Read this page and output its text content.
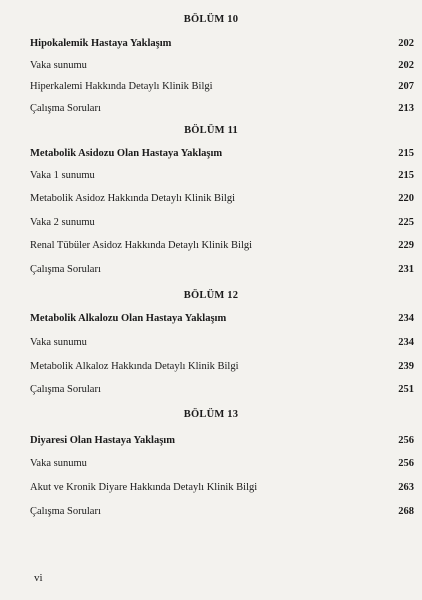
BÖLÜM 10
Hipokalemik Hastaya Yaklaşım	202
Vaka sunumu	202
Hiperkalemi Hakkında Detaylı Klinik Bilgi	207
Çalışma Soruları	213
BÖLÜM 11
Metabolik Asidozu Olan Hastaya Yaklaşım	215
Vaka 1 sunumu	215
Metabolik Asidoz Hakkında Detaylı Klinik Bilgi	220
Vaka 2 sunumu	225
Renal Tübüler Asidoz Hakkında Detaylı Klinik Bilgi	229
Çalışma Soruları	231
BÖLÜM 12
Metabolik Alkalozu Olan Hastaya Yaklaşım	234
Vaka sunumu	234
Metabolik Alkaloz Hakkında Detaylı Klinik Bilgi	239
Çalışma Soruları	251
BÖLÜM 13
Diyaresi Olan Hastaya Yaklaşım	256
Vaka sunumu	256
Akut ve Kronik Diyare Hakkında Detaylı Klinik Bilgi	263
Çalışma Soruları	268
vi
